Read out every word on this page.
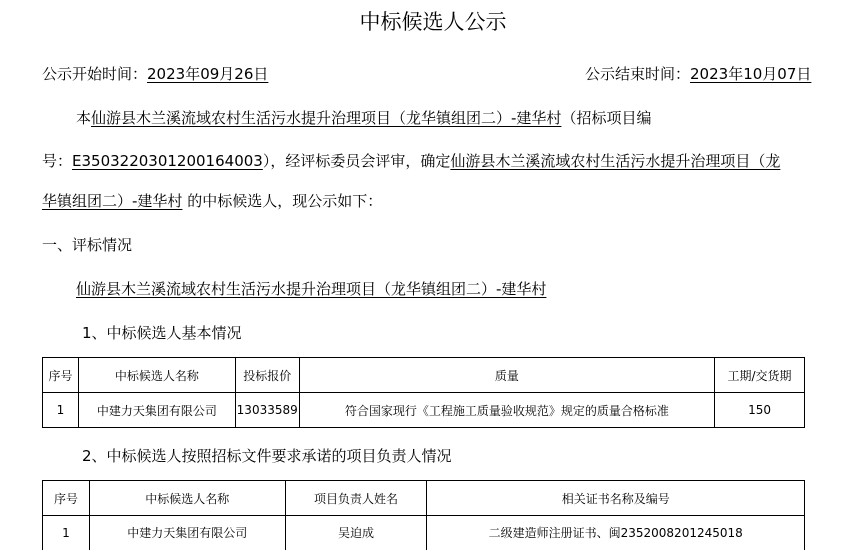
中标候选人公示
公示开始时间：2023年09月26日	公示结束时间：2023年10月07日
本仙游县木兰溪流域农村生活污水提升治理项目（龙华镇组团二）-建华村（招标项目编
号：E3503220301200164003），经评标委员会评审，确定仙游县木兰溪流域农村生活污水提升治理项目（龙
华镇组团二）-建华村 的中标候选人，现公示如下：
一、评标情况
仙游县木兰溪流域农村生活污水提升治理项目（龙华镇组团二）-建华村
1、中标候选人基本情况
序号	中标候选人名称	投标报价	质量	工期/交货期
1	中建力天集团有限公司	13033589	符合国家现行《工程施工质量验收规范》规定的质量合格标准	150
2、中标候选人按照招标文件要求承诺的项目负责人情况
序号	中标候选人名称	项目负责人姓名	相关证书名称及编号
1	中建力天集团有限公司	吴迫成	二级建造师注册证书、闽2352008201245018
